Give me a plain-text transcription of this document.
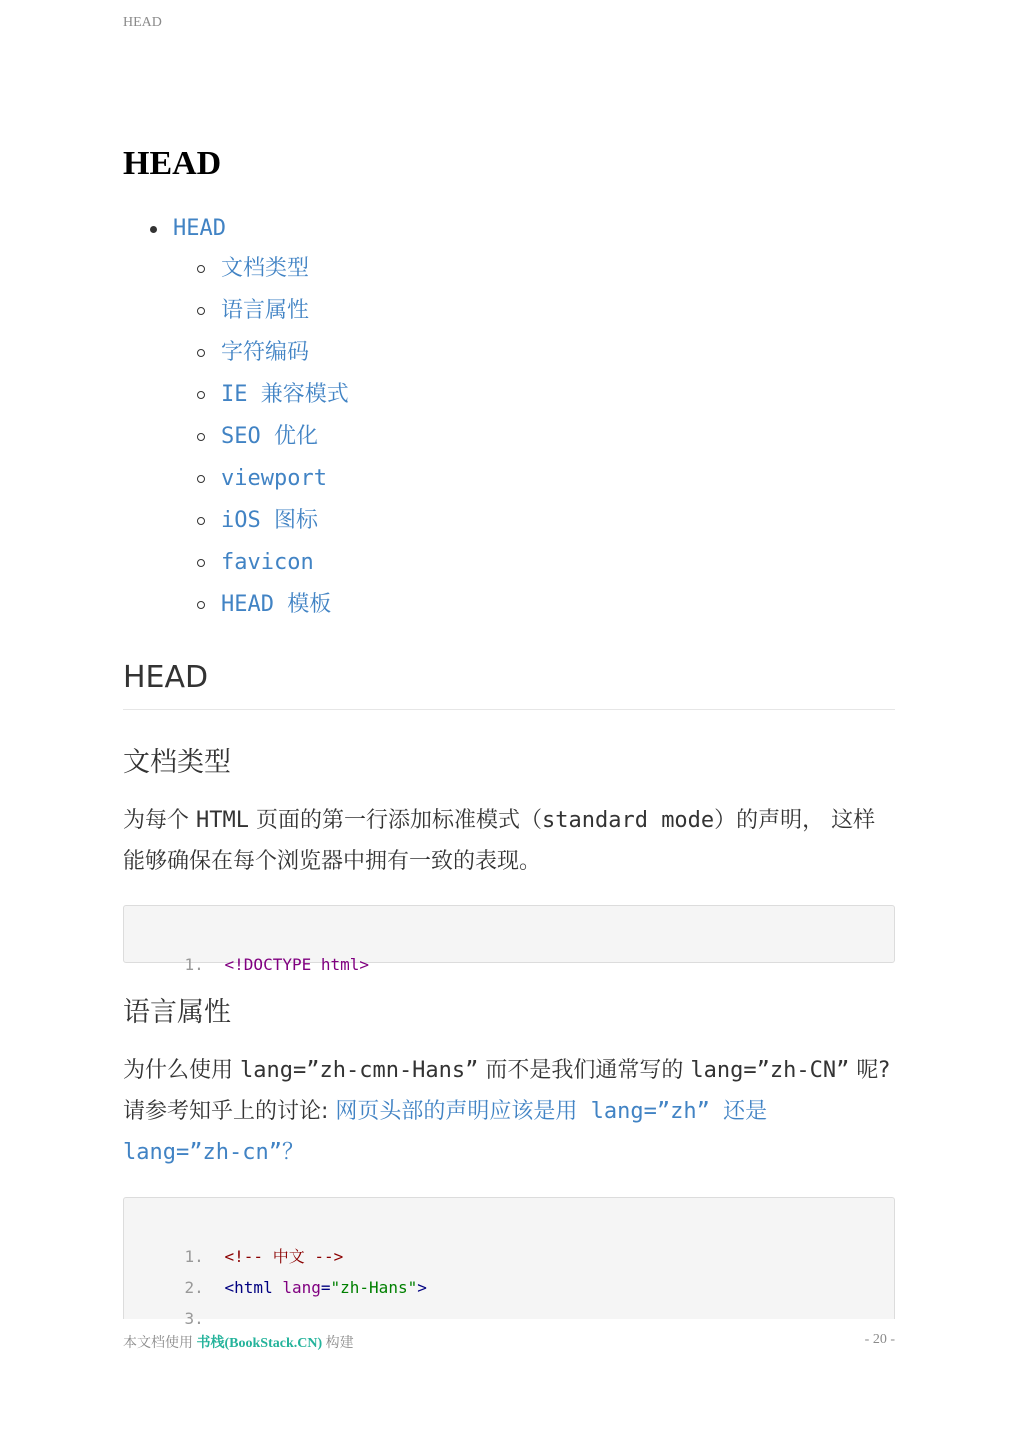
HEAD
HEAD
HEAD
文档类型
语言属性
字符编码
IE 兼容模式
SEO 优化
viewport
iOS 图标
favicon
HEAD 模板
HEAD
文档类型

为每个 HTML 页面的第一行添加标准模式（standard mode）的声明， 这样能够确保在每个浏览器中拥有一致的表现。

1. <!DOCTYPE html>

语言属性

为什么使用 lang=”zh-cmn-Hans” 而不是我们通常写的 lang=”zh-CN” 呢? 请参考知乎上的讨论: 网页头部的声明应该是用 lang=”zh” 还是 lang=”zh-cn”？

1. <!-- 中文 -->

2. <html lang="zh-Hans">

3.

本文档使用 书栈(BookStack.CN) 构建	- 20 -
